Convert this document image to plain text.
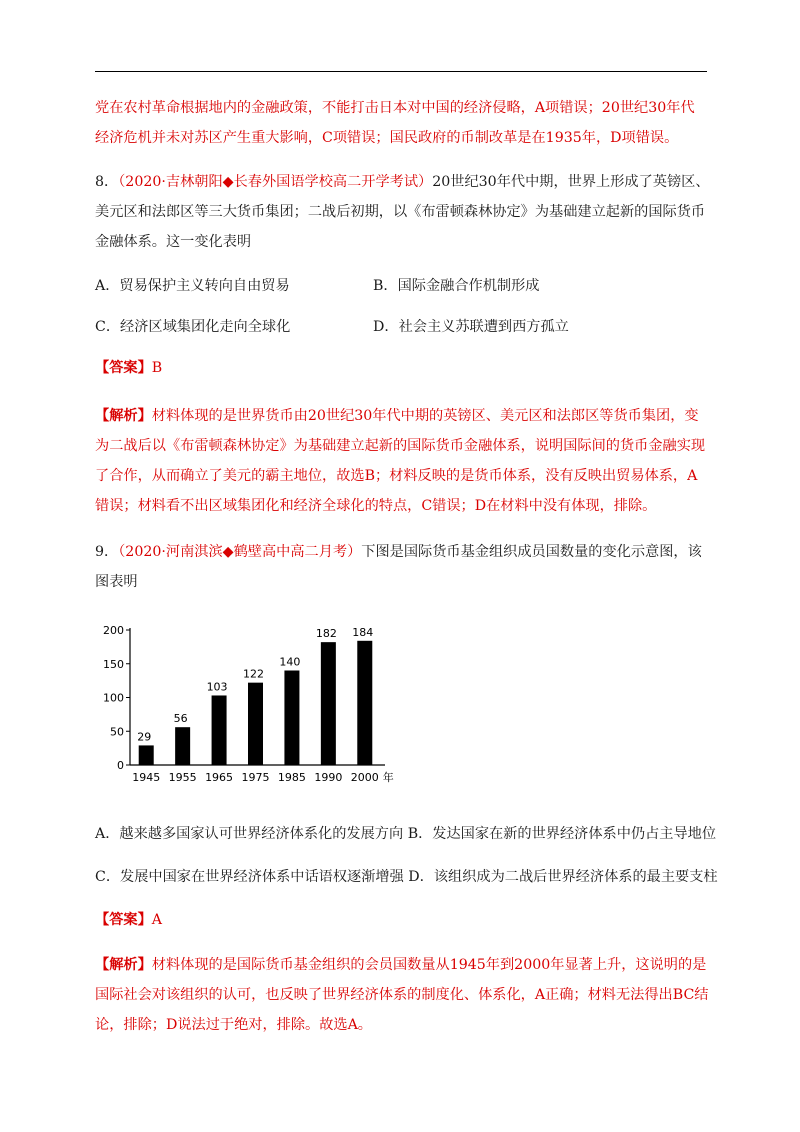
党在农村革命根据地内的金融政策，不能打击日本对中国的经济侵略，A项错误；20世纪30年代
经济危机并未对苏区产生重大影响，C项错误；国民政府的币制改革是在1935年，D项错误。
8．（2020·吉林朝阳◆长春外国语学校高二开学考试）20世纪30年代中期，世界上形成了英镑区、
美元区和法郎区等三大货币集团；二战后初期，以《布雷顿森林协定》为基础建立起新的国际货币
金融体系。这一变化表明
A．贸易保护主义转向自由贸易	B．国际金融合作机制形成
C．经济区域集团化走向全球化	D．社会主义苏联遭到西方孤立
【答案】B
【解析】材料体现的是世界货币由20世纪30年代中期的英镑区、美元区和法郎区等货币集团，变
为二战后以《布雷顿森林协定》为基础建立起新的国际货币金融体系，说明国际间的货币金融实现
了合作，从而确立了美元的霸主地位，故选B；材料反映的是货币体系，没有反映出贸易体系，A
错误；材料看不出区域集团化和经济全球化的特点，C错误；D在材料中没有体现，排除。
9．（2020·河南淇滨◆鹤壁高中高二月考）下图是国际货币基金组织成员国数量的变化示意图，该
图表明
0
50
100
150
200
1945 1955 1965 1975 1985 1990 2000 年
29
56
103
122
140
182 184
A．越来越多国家认可世界经济体系化的发展方向 B．发达国家在新的世界经济体系中仍占主导地位
C．发展中国家在世界经济体系中话语权逐渐增强 D．该组织成为二战后世界经济体系的最主要支柱
【答案】A
【解析】材料体现的是国际货币基金组织的会员国数量从1945年到2000年显著上升，这说明的是
国际社会对该组织的认可，也反映了世界经济体系的制度化、体系化，A正确；材料无法得出BC结
论，排除；D说法过于绝对，排除。故选A。
